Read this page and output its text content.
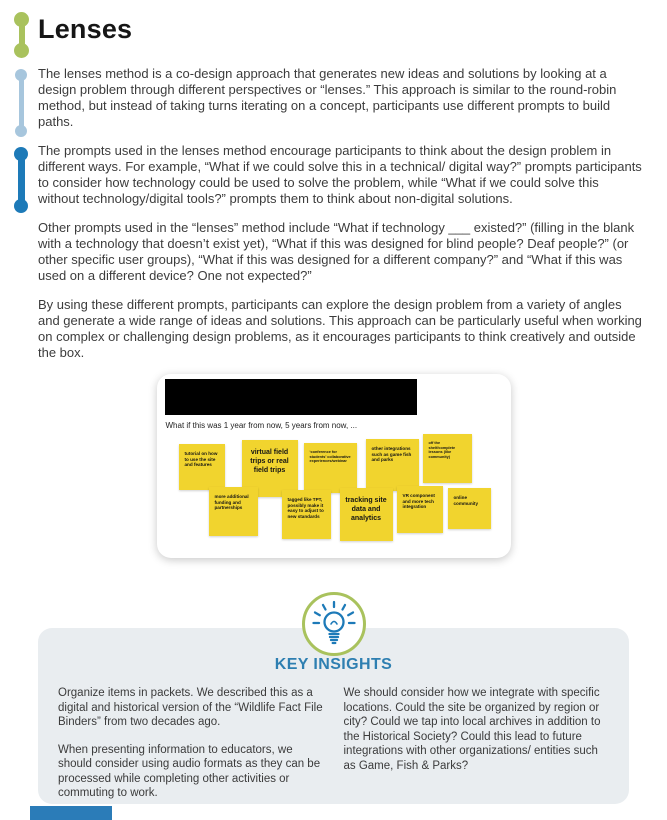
Lenses

The lenses method is a co-design approach that generates new ideas and solutions by looking at a design problem through different perspectives or “lenses.” This approach is similar to the round-robin method, but instead of taking turns iterating on a concept, participants use different prompts to build paths.

The prompts used in the lenses method encourage participants to think about the design problem in different ways. For example, “What if we could solve this in a technical/ digital way?” prompts participants to consider how technology could be used to solve the problem, while “What if we could solve this without technology/digital tools?” prompts them to think about non-digital solutions.

Other prompts used in the “lenses” method include “What if technology ___ existed?” (filling in the blank with a technology that doesn’t exist yet), “What if this was designed for blind people? Deaf people?” (or other specific user groups), “What if this was designed for a different company?” and “What if this was used on a different device? One not expected?”

By using these different prompts, participants can explore the design problem from a variety of angles and generate a wide range of ideas and solutions. This approach can be particularly useful when working on complex or challenging design problems, as it encourages participants to think creatively and outside the box.

What if this was 1 year from now, 5 years from now, ...
tutorial on how to use the site and features
virtual field trips or real field trips
‘conference for students’ collaborative experiences/webinar
other integrations such as game fish and parks
off the shelf/complete lessons (like community)
more additional funding and partnerships
tagged like TPT, possibly make it easy to adjust to new standards
tracking site data and analytics
VR component and more tech integration
online community
KEY INSIGHTS

Organize items in packets. We described this as a digital and historical version of the “Wildlife Fact File Binders” from two decades ago.

When presenting information to educators, we should consider using audio formats as they can be processed while completing other activities or commuting to work.

We should consider how we integrate with specific locations. Could the site be organized by region or city? Could we tap into local archives in addition to the Historical Society? Could this lead to future integrations with other organizations/ entities such as Game, Fish & Parks?
